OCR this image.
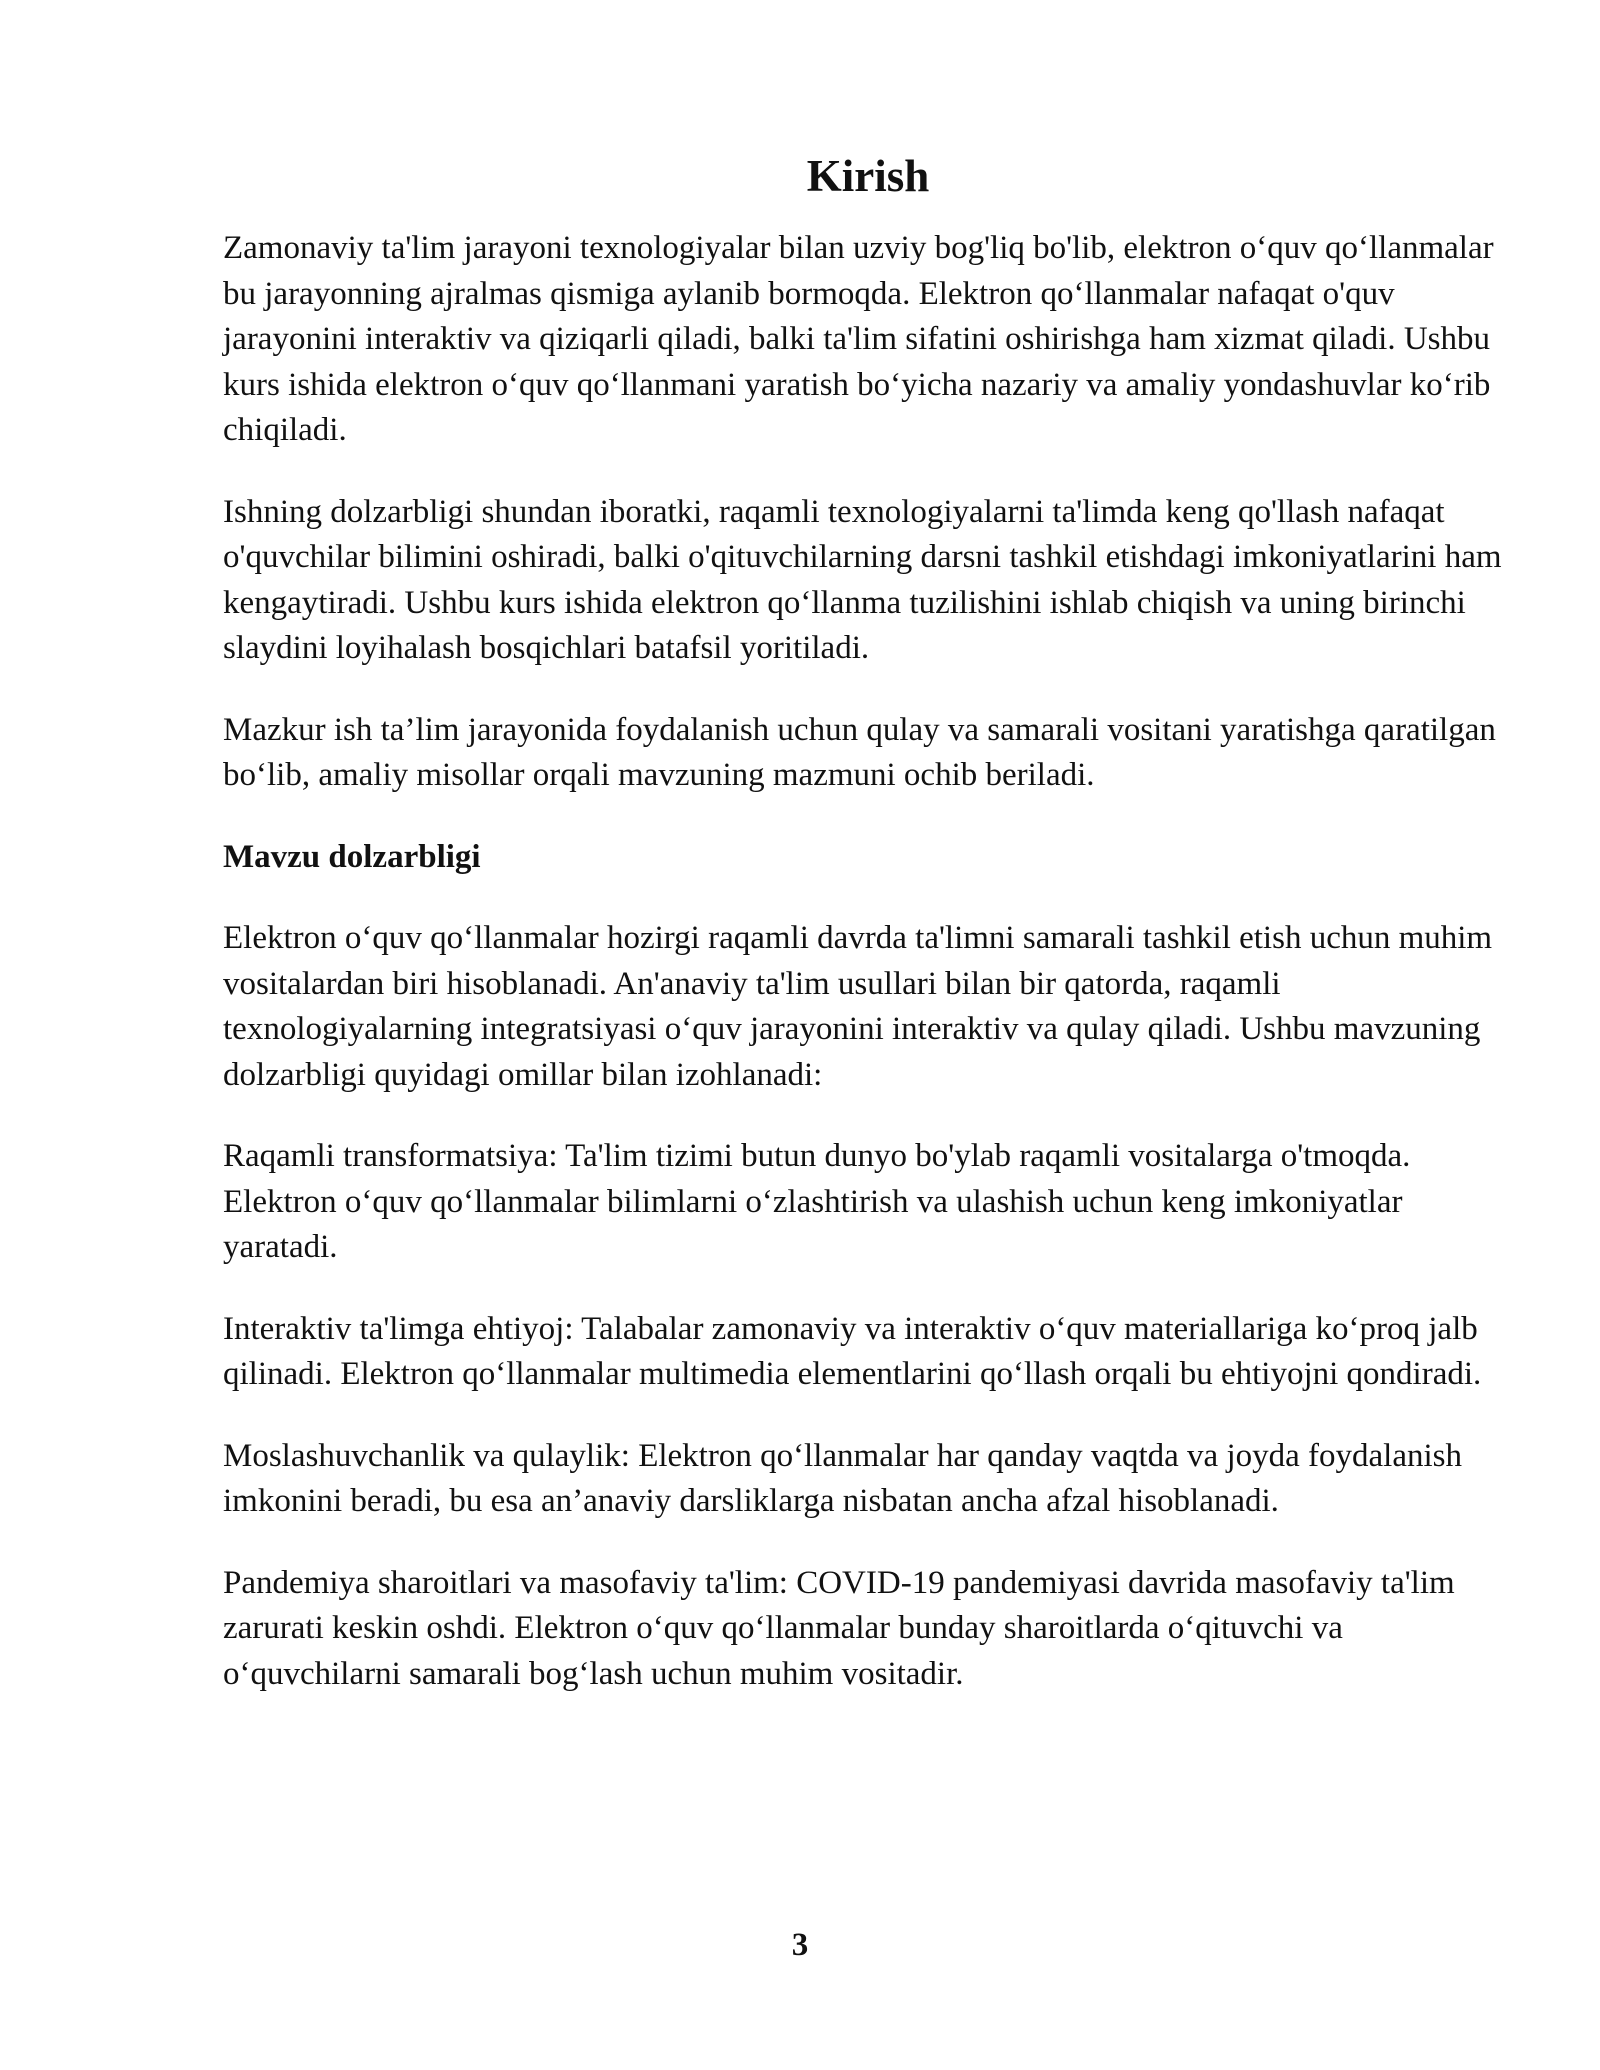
Kirish

Zamonaviy ta'lim jarayoni texnologiyalar bilan uzviy bog'liq bo'lib, elektron o‘quv qo‘llanmalar bu jarayonning ajralmas qismiga aylanib bormoqda. Elektron qo‘llanmalar nafaqat o'quv jarayonini interaktiv va qiziqarli qiladi, balki ta'lim sifatini oshirishga ham xizmat qiladi. Ushbu kurs ishida elektron o‘quv qo‘llanmani yaratish bo‘yicha nazariy va amaliy yondashuvlar ko‘rib chiqiladi.

Ishning dolzarbligi shundan iboratki, raqamli texnologiyalarni ta'limda keng qo'llash nafaqat o'quvchilar bilimini oshiradi, balki o'qituvchilarning darsni tashkil etishdagi imkoniyatlarini ham kengaytiradi. Ushbu kurs ishida elektron qo‘llanma tuzilishini ishlab chiqish va uning birinchi slaydini loyihalash bosqichlari batafsil yoritiladi.

Mazkur ish ta’lim jarayonida foydalanish uchun qulay va samarali vositani yaratishga qaratilgan bo‘lib, amaliy misollar orqali mavzuning mazmuni ochib beriladi.

Mavzu dolzarbligi

Elektron o‘quv qo‘llanmalar hozirgi raqamli davrda ta'limni samarali tashkil etish uchun muhim vositalardan biri hisoblanadi. An'anaviy ta'lim usullari bilan bir qatorda, raqamli texnologiyalarning integratsiyasi o‘quv jarayonini interaktiv va qulay qiladi. Ushbu mavzuning dolzarbligi quyidagi omillar bilan izohlanadi:

Raqamli transformatsiya: Ta'lim tizimi butun dunyo bo'ylab raqamli vositalarga o'tmoqda. Elektron o‘quv qo‘llanmalar bilimlarni o‘zlashtirish va ulashish uchun keng imkoniyatlar yaratadi.

Interaktiv ta'limga ehtiyoj: Talabalar zamonaviy va interaktiv o‘quv materiallariga ko‘proq jalb qilinadi. Elektron qo‘llanmalar multimedia elementlarini qo‘llash orqali bu ehtiyojni qondiradi.

Moslashuvchanlik va qulaylik: Elektron qo‘llanmalar har qanday vaqtda va joyda foydalanish imkonini beradi, bu esa an’anaviy darsliklarga nisbatan ancha afzal hisoblanadi.

Pandemiya sharoitlari va masofaviy ta'lim: COVID-19 pandemiyasi davrida masofaviy ta'lim zarurati keskin oshdi. Elektron o‘quv qo‘llanmalar bunday sharoitlarda o‘qituvchi va o‘quvchilarni samarali bog‘lash uchun muhim vositadir.

3
